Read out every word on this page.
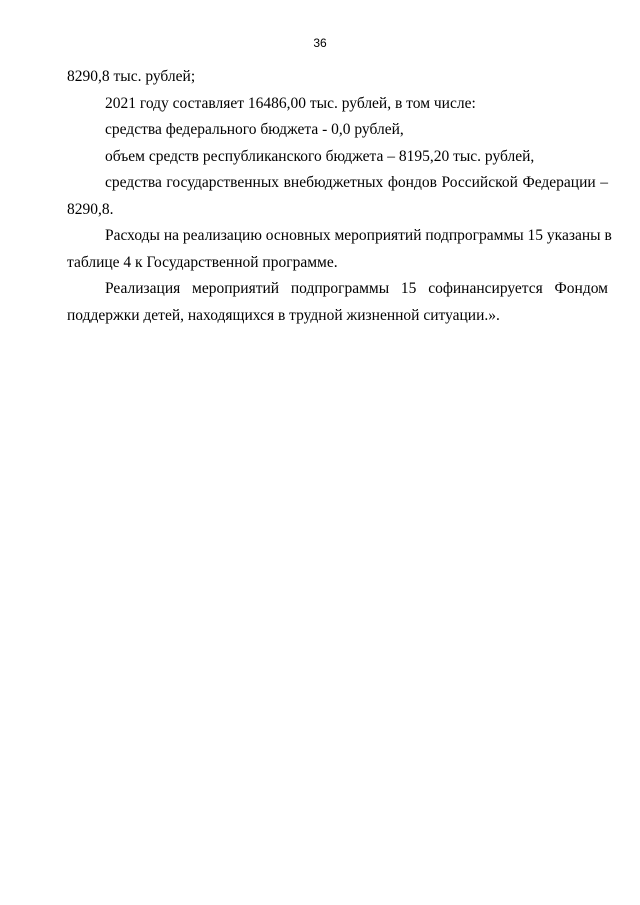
36

8290,8 тыс. рублей;

2021 году составляет 16486,00 тыс. рублей, в том числе:

средства федерального бюджета - 0,0 рублей,

объем средств республиканского бюджета – 8195,20 тыс. рублей,

средства государственных внебюджетных фондов Российской Федерации –

8290,8.

Расходы на реализацию основных мероприятий подпрограммы 15 указаны в

таблице 4 к Государственной программе.

Реализация мероприятий подпрограммы 15 софинансируется Фондом

поддержки детей, находящихся в трудной жизненной ситуации.».
